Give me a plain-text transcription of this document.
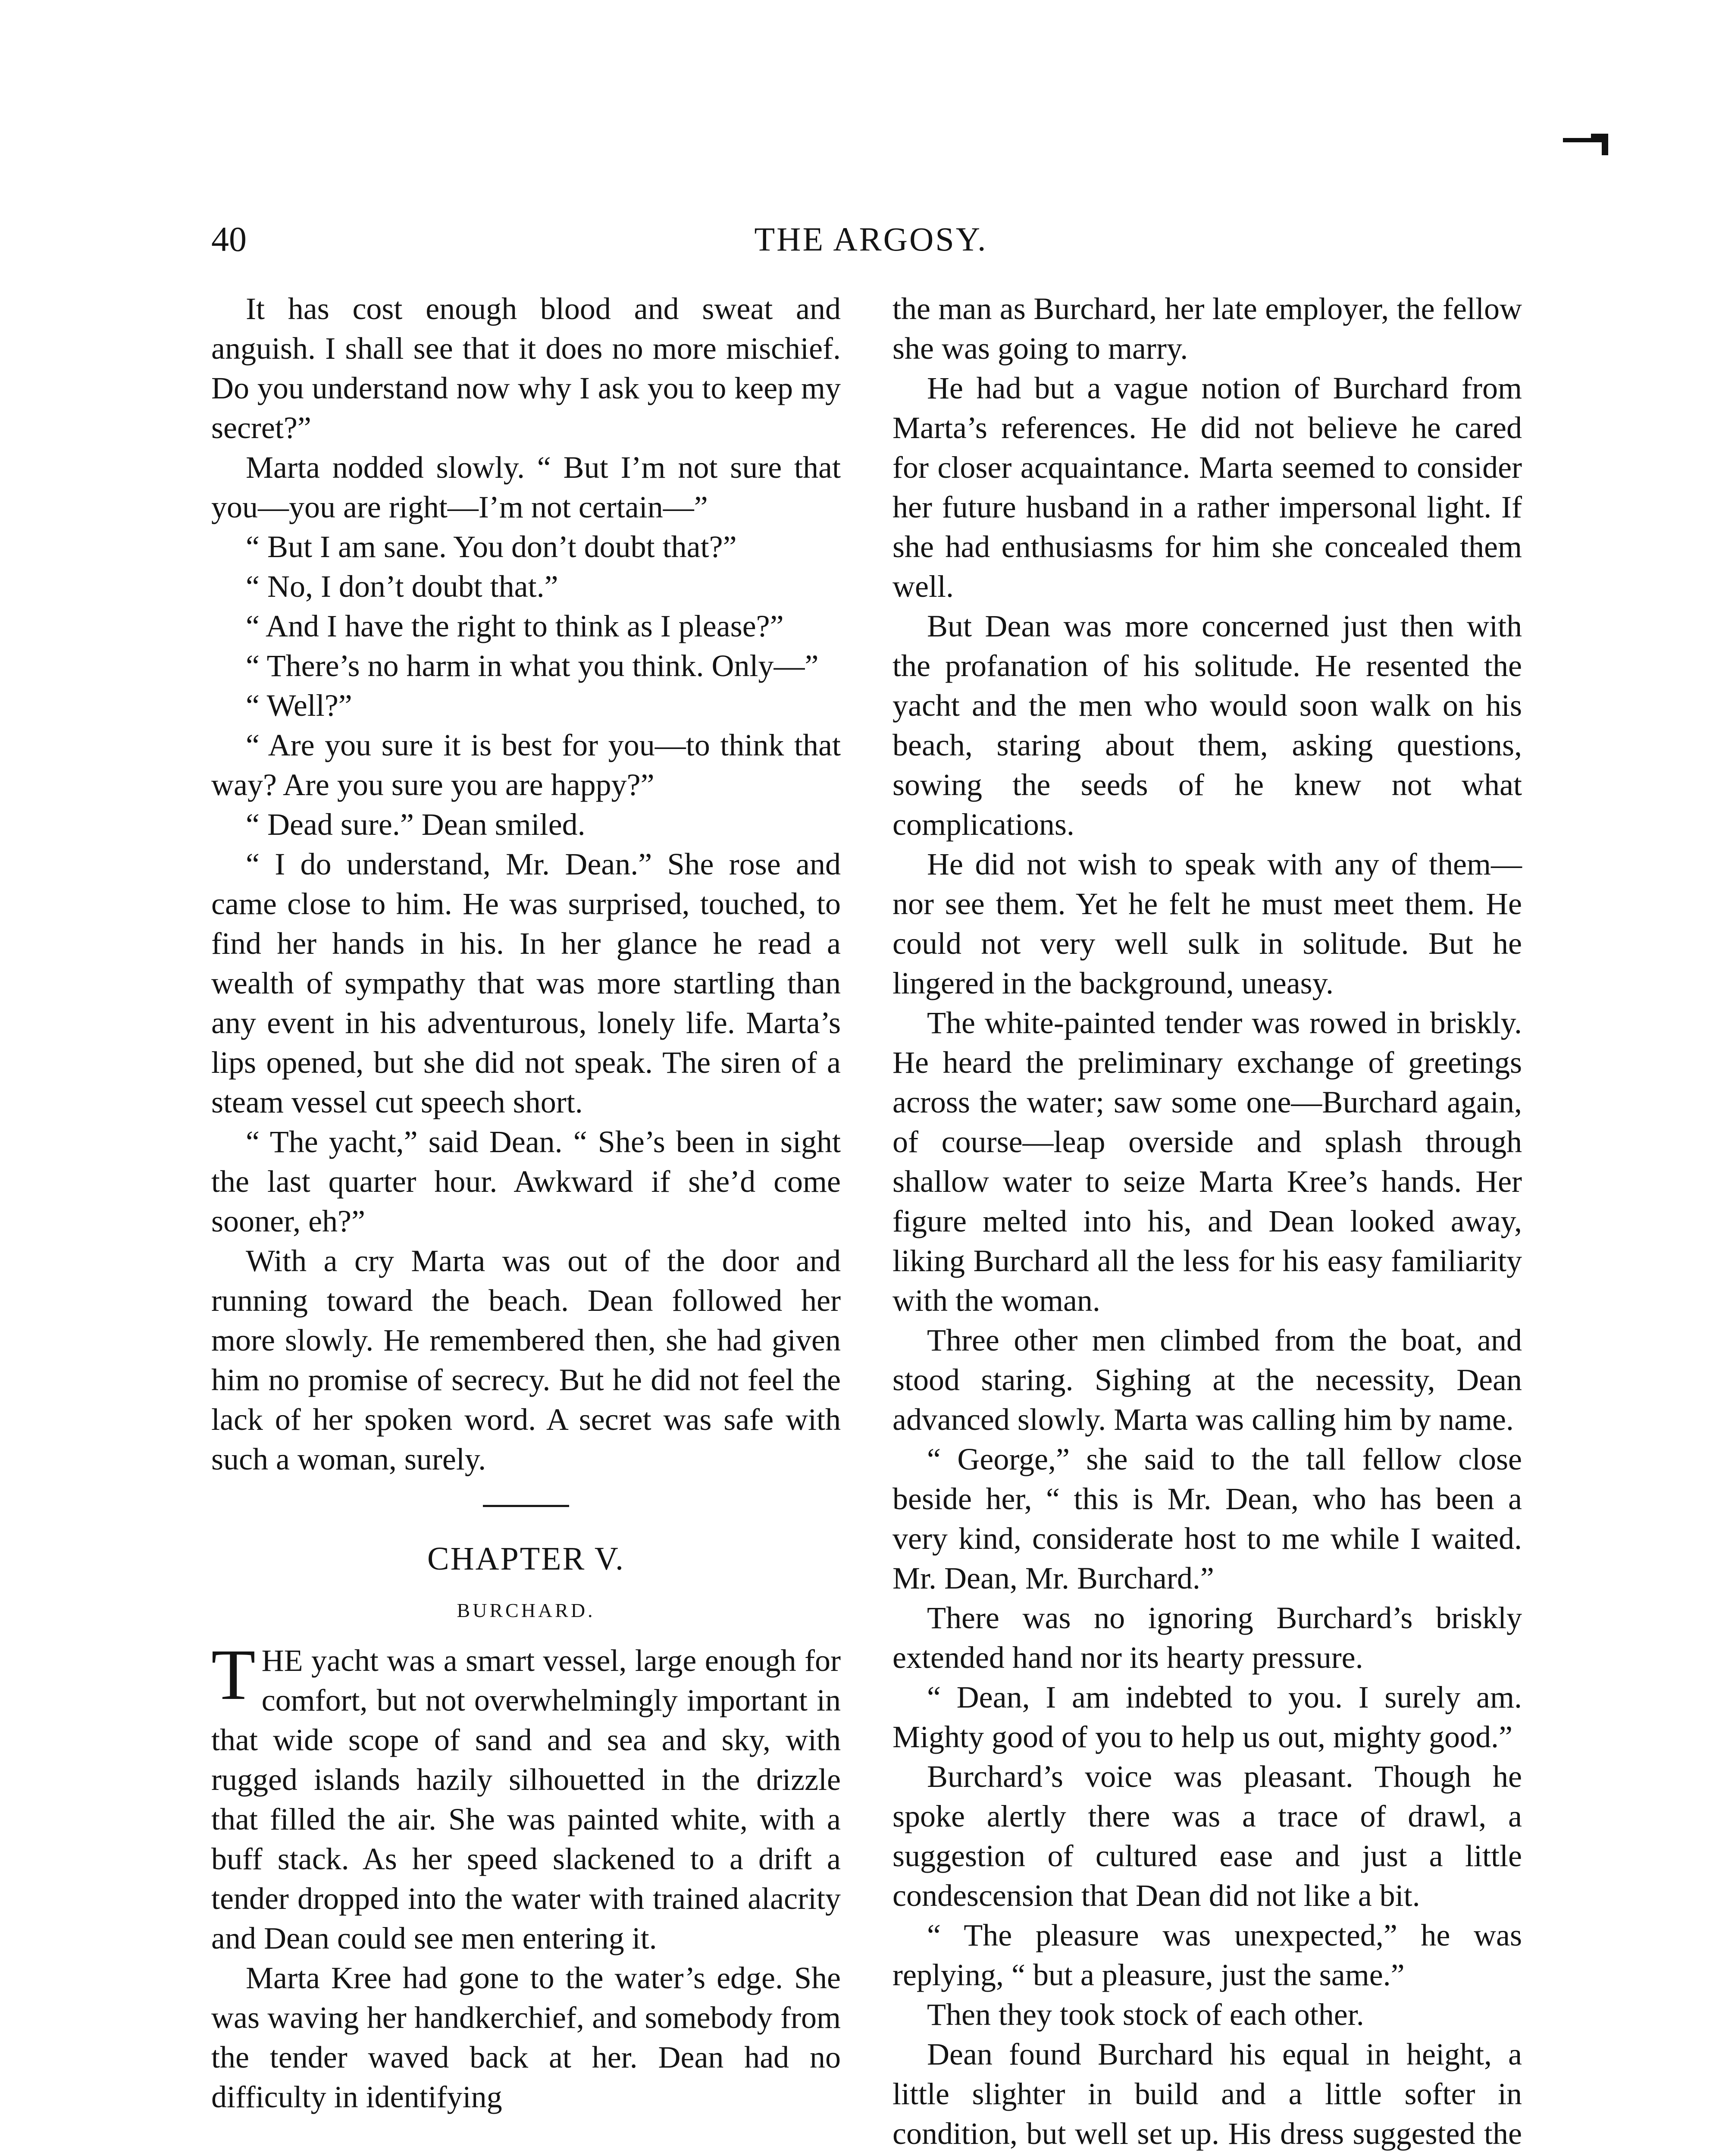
40	THE ARGOSY.

It has cost enough blood and sweat and anguish. I shall see that it does no more mischief. Do you understand now why I ask you to keep my secret?”

Marta nodded slowly. “ But I’m not sure that you—you are right—I’m not certain—”

“ But I am sane. You don’t doubt that?”

“ No, I don’t doubt that.”

“ And I have the right to think as I please?”

“ There’s no harm in what you think. Only—”

“ Well?”

“ Are you sure it is best for you—to think that way? Are you sure you are happy?”

“ Dead sure.” Dean smiled.

“ I do understand, Mr. Dean.” She rose and came close to him. He was surprised, touched, to find her hands in his. In her glance he read a wealth of sympathy that was more startling than any event in his adventurous, lonely life. Marta’s lips opened, but she did not speak. The siren of a steam vessel cut speech short.

“ The yacht,” said Dean. “ She’s been in sight the last quarter hour. Awkward if she’d come sooner, eh?”

With a cry Marta was out of the door and running toward the beach. Dean followed her more slowly. He remembered then, she had given him no promise of secrecy. But he did not feel the lack of her spoken word. A secret was safe with such a woman, surely.

CHAPTER V.
BURCHARD.

THE yacht was a smart vessel, large enough for comfort, but not overwhelmingly important in that wide scope of sand and sea and sky, with rugged islands hazily silhouetted in the drizzle that filled the air. She was painted white, with a buff stack. As her speed slackened to a drift a tender dropped into the water with trained alacrity and Dean could see men entering it.

Marta Kree had gone to the water’s edge. She was waving her handkerchief, and somebody from the tender waved back at her. Dean had no difficulty in identifying

the man as Burchard, her late employer, the fellow she was going to marry.

He had but a vague notion of Burchard from Marta’s references. He did not believe he cared for closer acquaintance. Marta seemed to consider her future husband in a rather impersonal light. If she had enthusiasms for him she concealed them well.

But Dean was more concerned just then with the profanation of his solitude. He resented the yacht and the men who would soon walk on his beach, staring about them, asking questions, sowing the seeds of he knew not what complications.

He did not wish to speak with any of them—nor see them. Yet he felt he must meet them. He could not very well sulk in solitude. But he lingered in the background, uneasy.

The white-painted tender was rowed in briskly. He heard the preliminary exchange of greetings across the water; saw some one—Burchard again, of course—leap overside and splash through shallow water to seize Marta Kree’s hands. Her figure melted into his, and Dean looked away, liking Burchard all the less for his easy familiarity with the woman.

Three other men climbed from the boat, and stood staring. Sighing at the necessity, Dean advanced slowly. Marta was calling him by name.

“ George,” she said to the tall fellow close beside her, “ this is Mr. Dean, who has been a very kind, considerate host to me while I waited. Mr. Dean, Mr. Burchard.”

There was no ignoring Burchard’s briskly extended hand nor its hearty pressure.

“ Dean, I am indebted to you. I surely am. Mighty good of you to help us out, mighty good.”

Burchard’s voice was pleasant. Though he spoke alertly there was a trace of drawl, a suggestion of cultured ease and just a little condescension that Dean did not like a bit.

“ The pleasure was unexpected,” he was replying, “ but a pleasure, just the same.”

Then they took stock of each other.

Dean found Burchard his equal in height, a little slighter in build and a little softer in condition, but well set up. His dress suggested the
